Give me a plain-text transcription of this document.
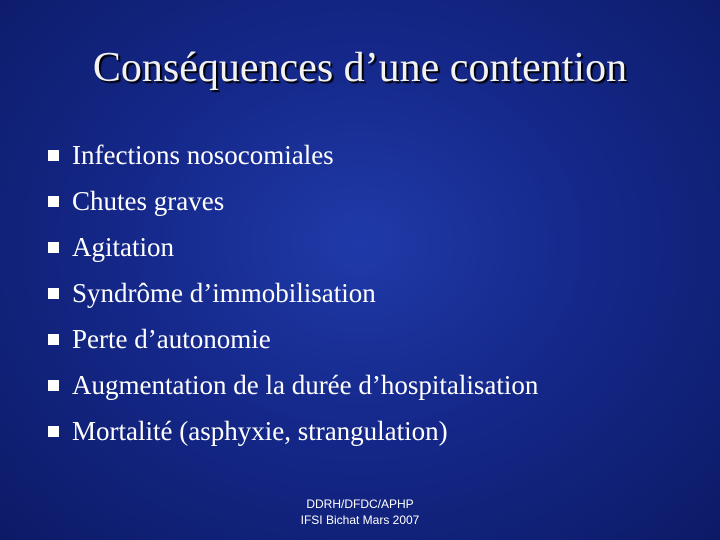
Conséquences d’une contention
Infections nosocomiales
Chutes graves
Agitation
Syndrôme d’immobilisation
Perte d’autonomie
Augmentation de la durée d’hospitalisation
Mortalité (asphyxie, strangulation)
DDRH/DFDC/APHP
IFSI Bichat Mars 2007
